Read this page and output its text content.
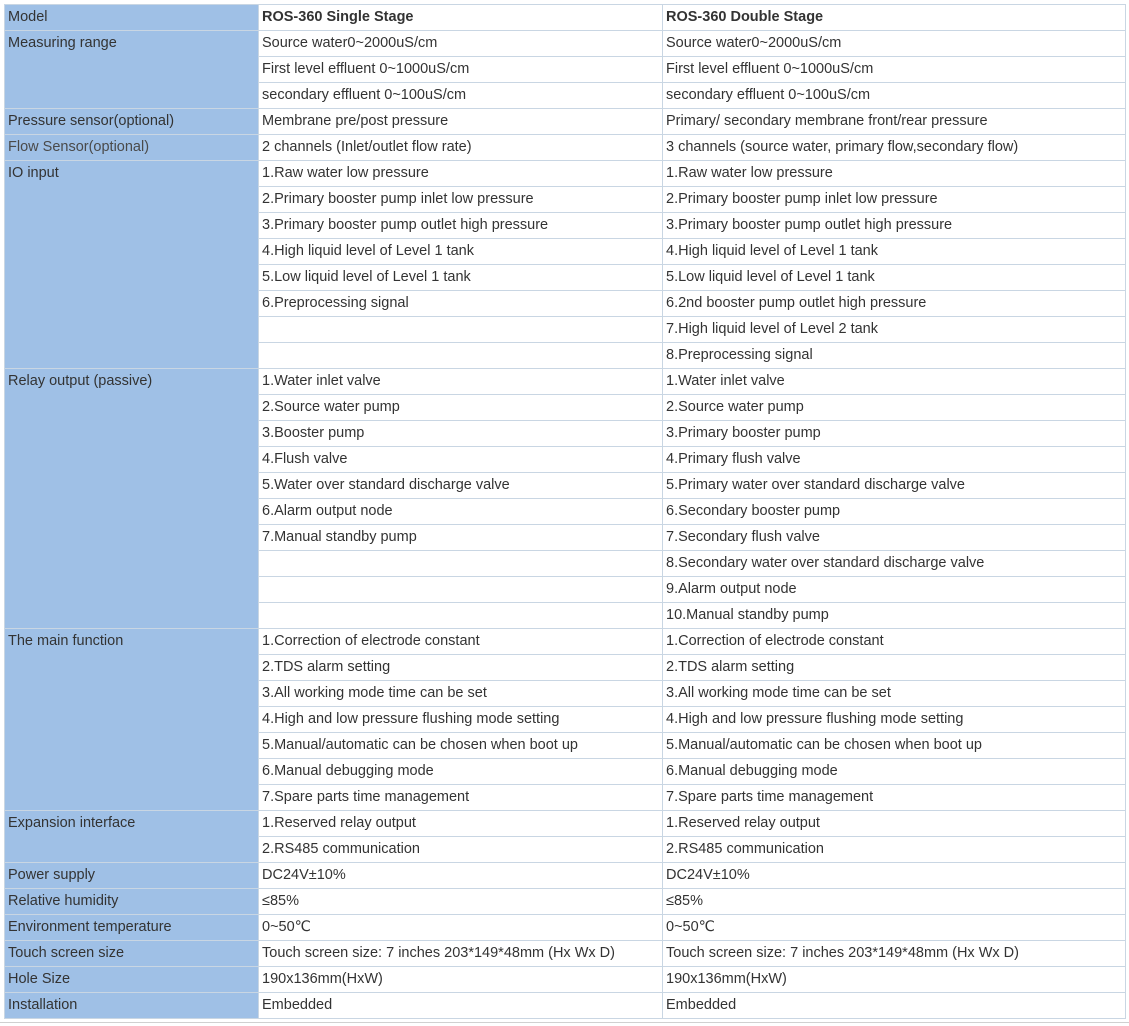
Model	ROS-360 Single Stage	ROS-360 Double Stage
Measuring range	Source water0~2000uS/cm	Source water0~2000uS/cm
	First level effluent 0~1000uS/cm	First level effluent 0~1000uS/cm
	secondary effluent 0~100uS/cm	secondary effluent 0~100uS/cm
Pressure sensor(optional)	Membrane pre/post pressure	Primary/ secondary membrane front/rear pressure
Flow Sensor(optional)	2 channels (Inlet/outlet flow rate)	3 channels (source water, primary flow,secondary flow)
IO input	1.Raw water low pressure	1.Raw water low pressure
	2.Primary booster pump inlet low pressure	2.Primary booster pump inlet low pressure
	3.Primary booster pump outlet high pressure	3.Primary booster pump outlet high pressure
	4.High liquid level of Level 1 tank	4.High liquid level of Level 1 tank
	5.Low liquid level of Level 1 tank	5.Low liquid level of Level 1 tank
	6.Preprocessing signal	6.2nd booster pump outlet high pressure
		7.High liquid level of Level 2 tank
		8.Preprocessing signal
Relay output (passive)	1.Water inlet valve	1.Water inlet valve
	2.Source water pump	2.Source water pump
	3.Booster pump	3.Primary booster pump
	4.Flush valve	4.Primary flush valve
	5.Water over standard discharge valve	5.Primary water over standard discharge valve
	6.Alarm output node	6.Secondary booster pump
	7.Manual standby pump	7.Secondary flush valve
		8.Secondary water over standard discharge valve
		9.Alarm output node
		10.Manual standby pump
The main function	1.Correction of electrode constant	1.Correction of electrode constant
	2.TDS alarm setting	2.TDS alarm setting
	3.All working mode time can be set	3.All working mode time can be set
	4.High and low pressure flushing mode setting	4.High and low pressure flushing mode setting
	5.Manual/automatic can be chosen when boot up	5.Manual/automatic can be chosen when boot up
	6.Manual debugging mode	6.Manual debugging mode
	7.Spare parts time management	7.Spare parts time management
Expansion interface	1.Reserved relay output	1.Reserved relay output
	2.RS485 communication	2.RS485 communication
Power supply	DC24V±10%	DC24V±10%
Relative humidity	≤85%	≤85%
Environment temperature	0~50℃	0~50℃
Touch screen size	Touch screen size: 7 inches 203*149*48mm (Hx Wx D)	Touch screen size: 7 inches 203*149*48mm (Hx Wx D)
Hole Size	190x136mm(HxW)	190x136mm(HxW)
Installation	Embedded	Embedded
